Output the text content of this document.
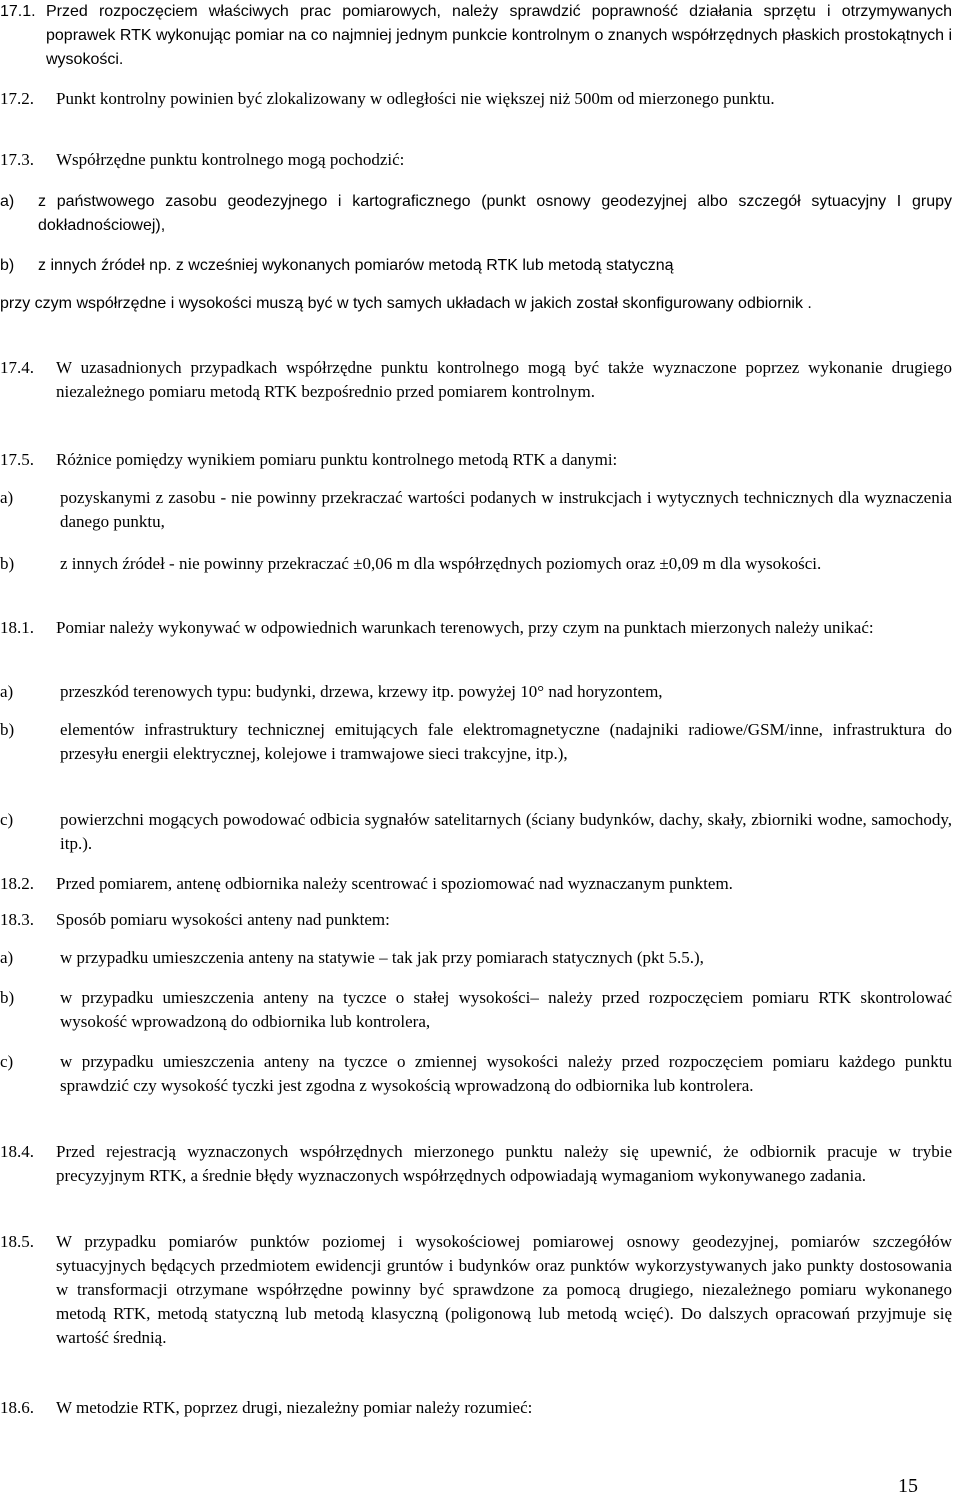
17.1. Przed rozpoczęciem właściwych prac pomiarowych, należy sprawdzić poprawność działania sprzętu i otrzymywanych poprawek RTK wykonując pomiar na co najmniej jednym punkcie kontrolnym o znanych współrzędnych płaskich prostokątnych i wysokości.
17.2.	Punkt kontrolny powinien być zlokalizowany w odległości nie większej niż 500m od mierzonego punktu.
17.3.	Współrzędne punktu kontrolnego mogą pochodzić:
a)	z państwowego zasobu geodezyjnego i kartograficznego (punkt osnowy geodezyjnej albo szczegół sytuacyjny I grupy dokładnościowej),
b)	z innych źródeł np. z wcześniej wykonanych pomiarów metodą RTK lub metodą statyczną
przy czym współrzędne i wysokości muszą być w tych samych układach w jakich został skonfigurowany odbiornik .
17.4.	W uzasadnionych przypadkach współrzędne punktu kontrolnego mogą być także wyznaczone poprzez wykonanie drugiego niezależnego pomiaru metodą RTK bezpośrednio przed pomiarem kontrolnym.
17.5.	Różnice pomiędzy wynikiem pomiaru punktu kontrolnego metodą RTK a danymi:
a)	pozyskanymi z zasobu - nie powinny przekraczać wartości podanych w instrukcjach i wytycznych technicznych dla wyznaczenia danego punktu,
b)	z innych źródeł - nie powinny przekraczać ±0,06 m dla współrzędnych poziomych oraz ±0,09 m dla wysokości.
18.1.	Pomiar należy wykonywać w odpowiednich warunkach terenowych, przy czym na punktach mierzonych należy unikać:
a)	przeszkód terenowych typu: budynki, drzewa, krzewy itp. powyżej 10° nad horyzontem,
b)	elementów infrastruktury technicznej emitujących fale elektromagnetyczne (nadajniki radiowe/GSM/inne, infrastruktura do przesyłu energii elektrycznej, kolejowe i tramwajowe sieci trakcyjne, itp.),
c)	powierzchni mogących powodować odbicia sygnałów satelitarnych (ściany budynków, dachy, skały, zbiorniki wodne, samochody, itp.).
18.2.	Przed pomiarem, antenę odbiornika należy scentrować i spoziomować nad wyznaczanym punktem.
18.3.	Sposób pomiaru wysokości anteny nad punktem:
a)	w przypadku umieszczenia anteny na statywie – tak jak przy pomiarach statycznych (pkt 5.5.),
b)	w przypadku umieszczenia anteny na tyczce o stałej wysokości– należy przed rozpoczęciem pomiaru RTK skontrolować wysokość wprowadzoną do odbiornika lub kontrolera,
c)	w przypadku umieszczenia anteny na tyczce o zmiennej wysokości należy przed rozpoczęciem pomiaru każdego punktu sprawdzić czy wysokość tyczki jest zgodna z wysokością wprowadzoną do odbiornika lub kontrolera.
18.4.	Przed rejestracją wyznaczonych współrzędnych mierzonego punktu należy się upewnić, że odbiornik pracuje w trybie precyzyjnym RTK, a średnie błędy wyznaczonych współrzędnych odpowiadają wymaganiom wykonywanego zadania.
18.5.	W przypadku pomiarów punktów poziomej i wysokościowej pomiarowej osnowy geodezyjnej, pomiarów szczegółów sytuacyjnych będących przedmiotem ewidencji gruntów i budynków oraz punktów wykorzystywanych jako punkty dostosowania w transformacji otrzymane współrzędne powinny być sprawdzone za pomocą drugiego, niezależnego pomiaru wykonanego metodą RTK, metodą statyczną lub metodą klasyczną (poligonową lub metodą wcięć). Do dalszych opracowań przyjmuje się wartość średnią.
18.6.	W metodzie RTK, poprzez drugi, niezależny pomiar należy rozumieć:
15
